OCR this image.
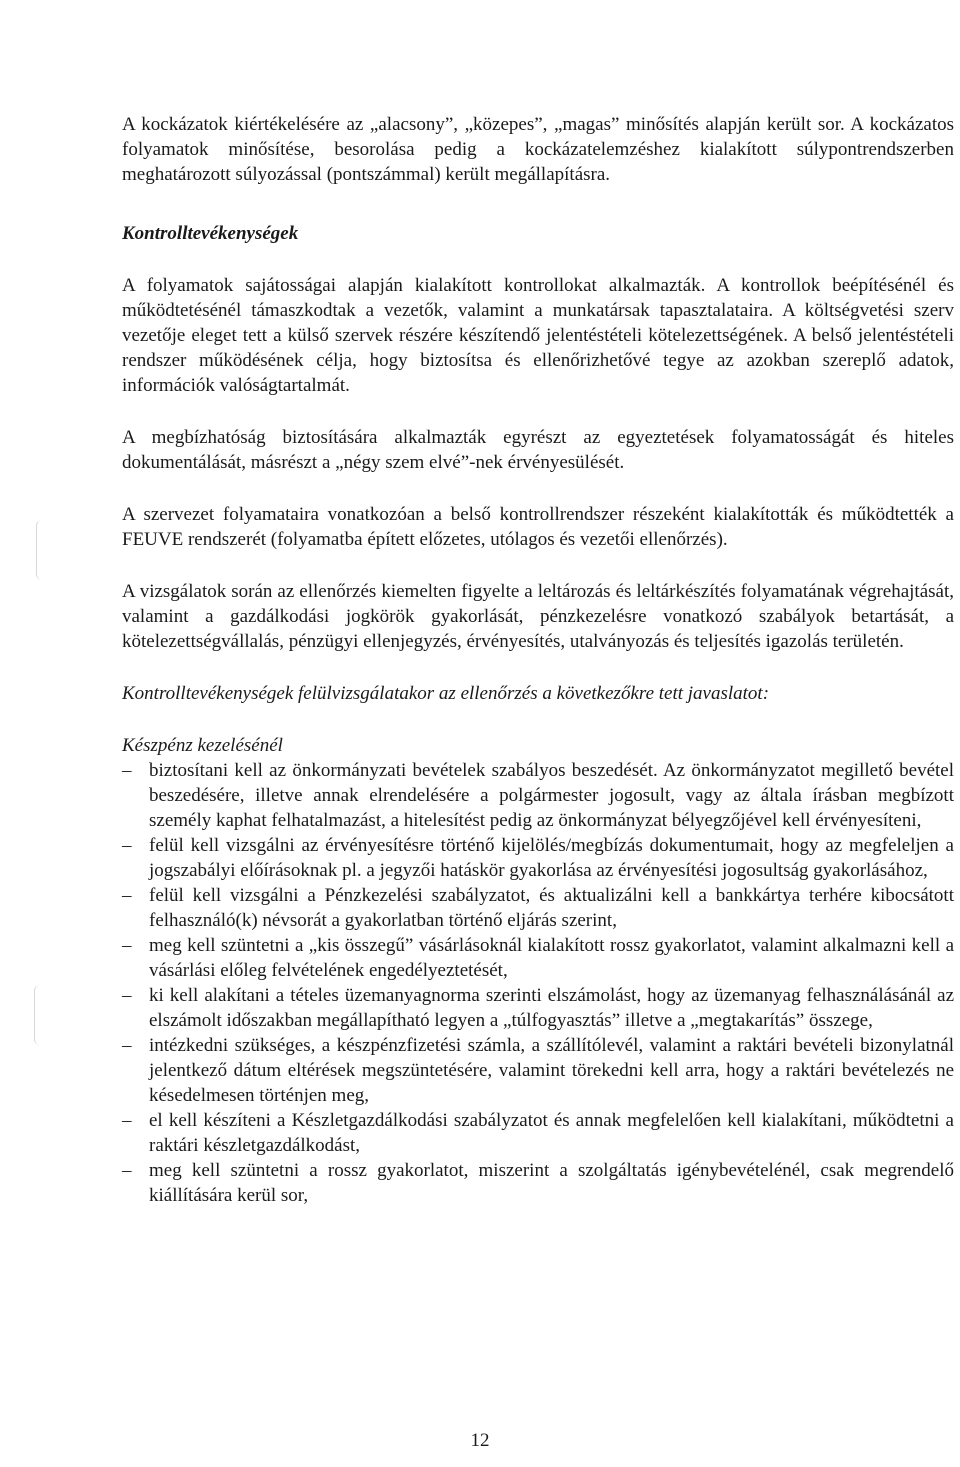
A kockázatok kiértékelésére az „alacsony”, „közepes”, „magas” minősítés alapján került sor. A kockázatos folyamatok minősítése, besorolása pedig a kockázatelemzéshez kialakított súlypontrendszerben meghatározott súlyozással (pontszámmal) került megállapításra.

Kontrolltevékenységek

A folyamatok sajátosságai alapján kialakított kontrollokat alkalmazták. A kontrollok beépítésénél és működtetésénél támaszkodtak a vezetők, valamint a munkatársak tapasztalataira. A költségvetési szerv vezetője eleget tett a külső szervek részére készítendő jelentéstételi kötelezettségének. A belső jelentéstételi rendszer működésének célja, hogy biztosítsa és ellenőrizhetővé tegye az azokban szereplő adatok, információk valóságtartalmát.

A megbízhatóság biztosítására alkalmazták egyrészt az egyeztetések folyamatosságát és hiteles dokumentálását, másrészt a „négy szem elvé”-nek érvényesülését.

A szervezet folyamataira vonatkozóan a belső kontrollrendszer részeként kialakították és működtették a FEUVE rendszerét (folyamatba épített előzetes, utólagos és vezetői ellenőrzés).

A vizsgálatok során az ellenőrzés kiemelten figyelte a leltározás és leltárkészítés folyamatának végrehajtását, valamint a gazdálkodási jogkörök gyakorlását, pénzkezelésre vonatkozó szabályok betartását, a kötelezettségvállalás, pénzügyi ellenjegyzés, érvényesítés, utalványozás és teljesítés igazolás területén.

Kontrolltevékenységek felülvizsgálatakor az ellenőrzés a következőkre tett javaslatot:

Készpénz kezelésénél

– biztosítani kell az önkormányzati bevételek szabályos beszedését. Az önkormányzatot megillető bevétel beszedésére, illetve annak elrendelésére a polgármester jogosult, vagy az általa írásban megbízott személy kaphat felhatalmazást, a hitelesítést pedig az önkormányzat bélyegzőjével kell érvényesíteni,
– felül kell vizsgálni az érvényesítésre történő kijelölés/megbízás dokumentumait, hogy az megfeleljen a jogszabályi előírásoknak pl. a jegyzői hatáskör gyakorlása az érvényesítési jogosultság gyakorlásához,
– felül kell vizsgálni a Pénzkezelési szabályzatot, és aktualizálni kell a bankkártya terhére kibocsátott felhasználó(k) névsorát a gyakorlatban történő eljárás szerint,
– meg kell szüntetni a „kis összegű” vásárlásoknál kialakított rossz gyakorlatot, valamint alkalmazni kell a vásárlási előleg felvételének engedélyeztetését,
– ki kell alakítani a tételes üzemanyagnorma szerinti elszámolást, hogy az üzemanyag felhasználásánál az elszámolt időszakban megállapítható legyen a „túlfogyasztás” illetve a „megtakarítás” összege,
– intézkedni szükséges, a készpénzfizetési számla, a szállítólevél, valamint a raktári bevételi bizonylatnál jelentkező dátum eltérések megszüntetésére, valamint törekedni kell arra, hogy a raktári bevételezés ne késedelmesen történjen meg,
– el kell készíteni a Készletgazdálkodási szabályzatot és annak megfelelően kell kialakítani, működtetni a raktári készletgazdálkodást,
– meg kell szüntetni a rossz gyakorlatot, miszerint a szolgáltatás igénybevételénél, csak megrendelő kiállítására kerül sor,
12
